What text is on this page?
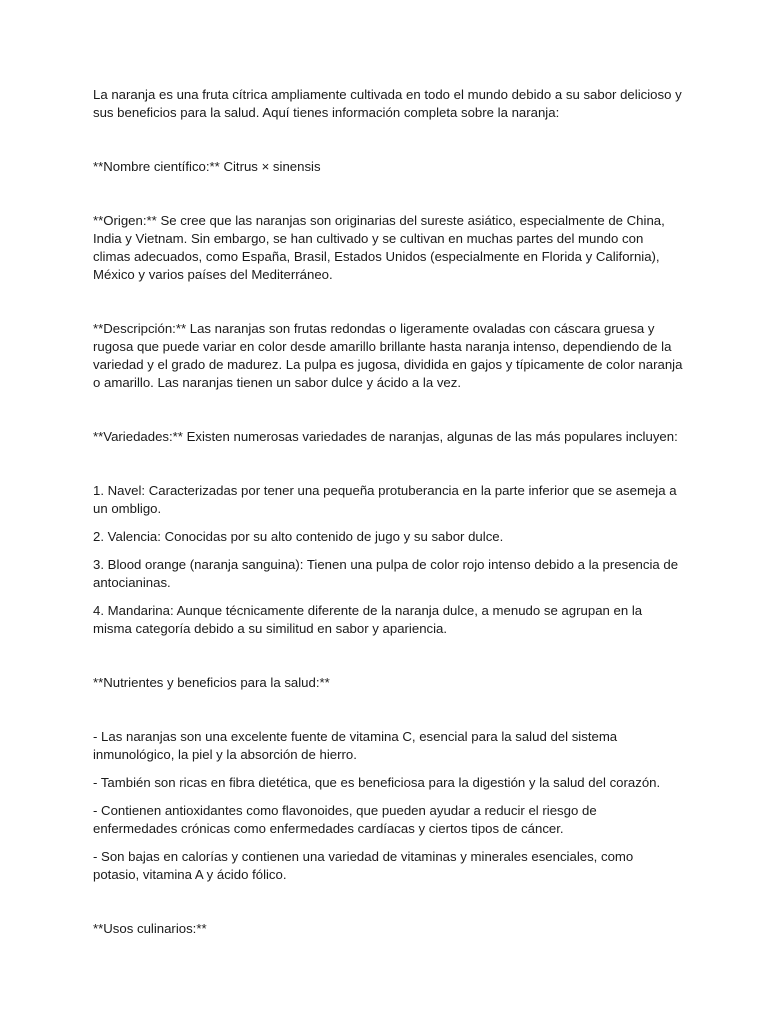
La naranja es una fruta cítrica ampliamente cultivada en todo el mundo debido a su sabor delicioso y sus beneficios para la salud. Aquí tienes información completa sobre la naranja:

**Nombre científico:** Citrus × sinensis

**Origen:** Se cree que las naranjas son originarias del sureste asiático, especialmente de China, India y Vietnam. Sin embargo, se han cultivado y se cultivan en muchas partes del mundo con climas adecuados, como España, Brasil, Estados Unidos (especialmente en Florida y California), México y varios países del Mediterráneo.

**Descripción:** Las naranjas son frutas redondas o ligeramente ovaladas con cáscara gruesa y rugosa que puede variar en color desde amarillo brillante hasta naranja intenso, dependiendo de la variedad y el grado de madurez. La pulpa es jugosa, dividida en gajos y típicamente de color naranja o amarillo. Las naranjas tienen un sabor dulce y ácido a la vez.

**Variedades:** Existen numerosas variedades de naranjas, algunas de las más populares incluyen:

1. Navel: Caracterizadas por tener una pequeña protuberancia en la parte inferior que se asemeja a un ombligo.

2. Valencia: Conocidas por su alto contenido de jugo y su sabor dulce.

3. Blood orange (naranja sanguina): Tienen una pulpa de color rojo intenso debido a la presencia de antocianinas.

4. Mandarina: Aunque técnicamente diferente de la naranja dulce, a menudo se agrupan en la misma categoría debido a su similitud en sabor y apariencia.

**Nutrientes y beneficios para la salud:**

- Las naranjas son una excelente fuente de vitamina C, esencial para la salud del sistema inmunológico, la piel y la absorción de hierro.

- También son ricas en fibra dietética, que es beneficiosa para la digestión y la salud del corazón.

- Contienen antioxidantes como flavonoides, que pueden ayudar a reducir el riesgo de enfermedades crónicas como enfermedades cardíacas y ciertos tipos de cáncer.

- Son bajas en calorías y contienen una variedad de vitaminas y minerales esenciales, como potasio, vitamina A y ácido fólico.

**Usos culinarios:**
